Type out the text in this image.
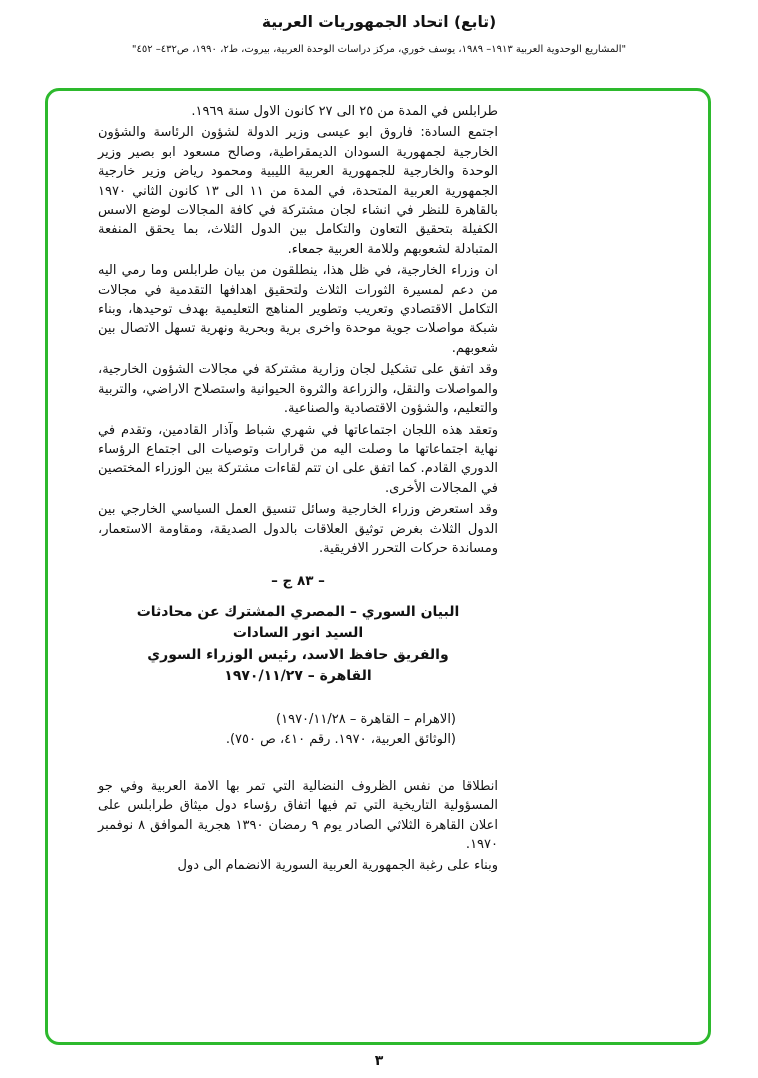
(تابع) اتحاد الجمهوريات العربية
"المشاريع الوحدوية العربية ١٩١٣– ١٩٨٩، يوسف خوري، مركز دراسات الوحدة العربية، بيروت، ط٢، ١٩٩٠، ص٤٣٢– ٤٥٢"

طرابلس في المدة من ٢٥ الى ٢٧ كانون الاول سنة ١٩٦٩.

اجتمع السادة: فاروق ابو عيسى وزير الدولة لشؤون الرئاسة والشؤون الخارجية لجمهورية السودان الديمقراطية، وصالح مسعود ابو بصير وزير الوحدة والخارجية للجمهورية العربية الليبية ومحمود رياض وزير خارجية الجمهورية العربية المتحدة، في المدة من ١١ الى ١٣ كانون الثاني ١٩٧٠ بالقاهرة للنظر في انشاء لجان مشتركة في كافة المجالات لوضع الاسس الكفيلة بتحقيق التعاون والتكامل بين الدول الثلاث، بما يحقق المنفعة المتبادلة لشعوبهم وللامة العربية جمعاء.

ان وزراء الخارجية، في ظل هذا، ينطلقون من بيان طرابلس وما رمي اليه من دعم لمسيرة الثورات الثلاث ولتحقيق اهدافها التقدمية في مجالات التكامل الاقتصادي وتعريب وتطوير المناهج التعليمية بهدف توحيدها، وبناء شبكة مواصلات جوية موحدة واخرى برية وبحرية ونهرية تسهل الاتصال بين شعوبهم.

وقد اتفق على تشكيل لجان وزارية مشتركة في مجالات الشؤون الخارجية، والمواصلات والنقل، والزراعة والثروة الحيوانية واستصلاح الاراضي، والتربية والتعليم، والشؤون الاقتصادية والصناعية.

وتعقد هذه اللجان اجتماعاتها في شهري شباط وآذار القادمين، وتقدم في نهاية اجتماعاتها ما وصلت اليه من قرارات وتوصيات الى اجتماع الرؤساء الدوري القادم. كما اتفق على ان تتم لقاءات مشتركة بين الوزراء المختصين في المجالات الأخرى.

وقد استعرض وزراء الخارجية وسائل تنسيق العمل السياسي الخارجي بين الدول الثلاث بغرض توثيق العلاقات بالدول الصديقة، ومقاومة الاستعمار، ومساندة حركات التحرر الافريقية.

– ٨٣ ج –
البيان السوري – المصري المشترك عن محادثات
السيد انور السادات
والفريق حافظ الاسد، رئيس الوزراء السوري
القاهرة – ١٩٧٠/١١/٢٧
(الاهرام – القاهرة – ١٩٧٠/١١/٢٨)
(الوثائق العربية، ١٩٧٠. رقم ٤١٠، ص ٧٥٠).

انطلاقا من نفس الظروف النضالية التي تمر بها الامة العربية وفي جو المسؤولية التاريخية التي تم فيها اتفاق رؤساء دول ميثاق طرابلس على اعلان القاهرة الثلاثي الصادر يوم ٩ رمضان ١٣٩٠ هجرية الموافق ٨ نوفمبر ١٩٧٠.

وبناء على رغبة الجمهورية العربية السورية الانضمام الى دول

٣
